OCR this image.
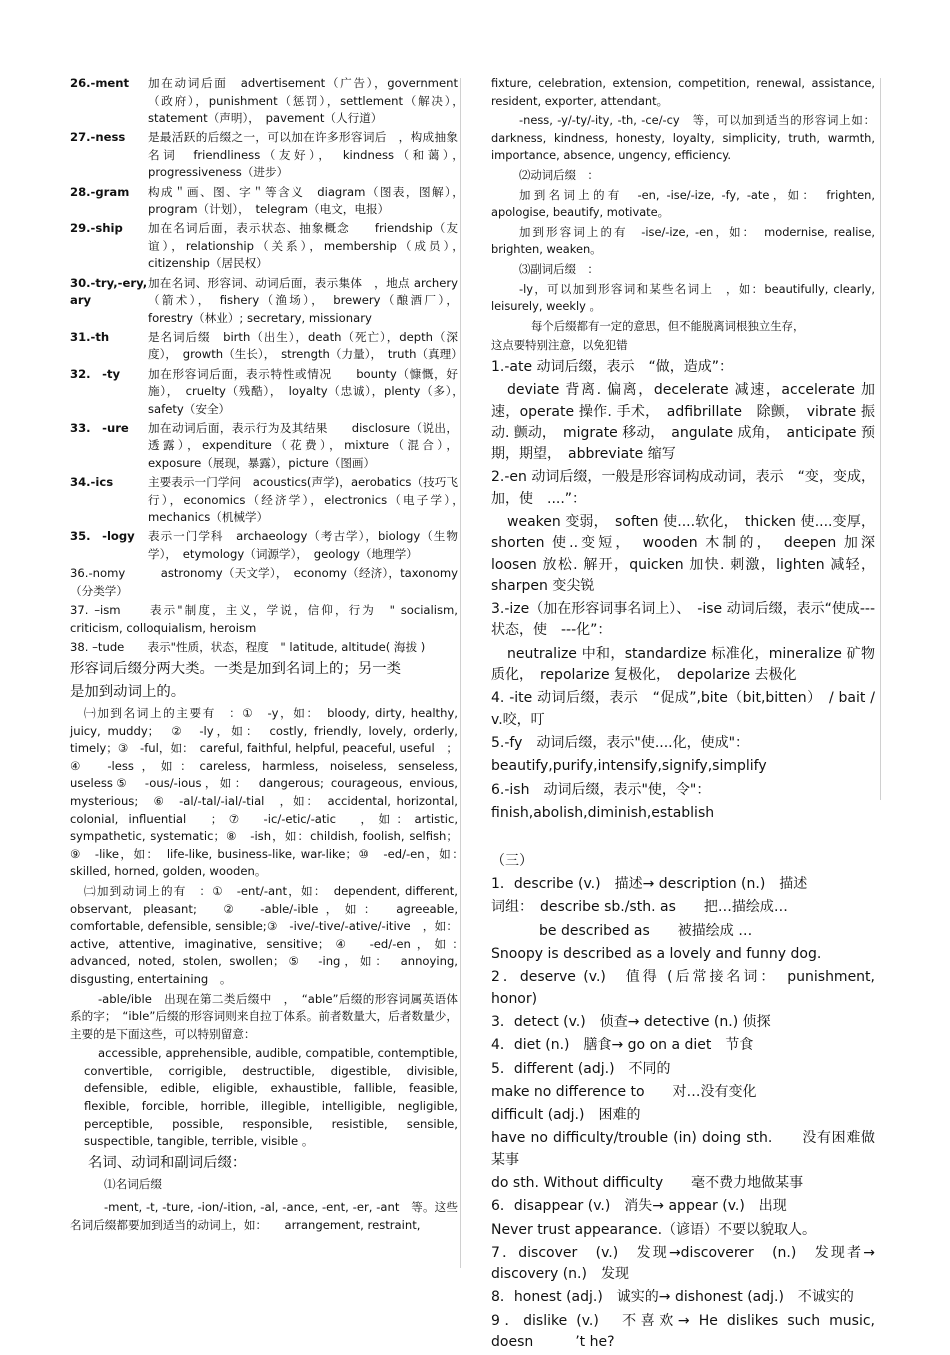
26.-ment	加在动词后面　advertisement（广告），government（政府），punishment（惩罚），settlement（解决），　statement（声明），　pavement（人行道）
27.-ness	是最活跃的后缀之一，可以加在许多形容词后　，构成抽象名词　friendliness（友好），　kindness（和蔼），　progressiveness（进步）
28.-gram	构成＂画、图、字＂等含义　diagram（图表，图解），　program（计划），　telegram（电文，电报）
29.-ship	加在名词后面，表示状态、抽象概念　　friendship（友谊），relationship（关系），membership（成员），　citizenship（居民权）
30.-try,-ery, ary
加在名词、形容词、动词后面，表示集体　，地点 archery（箭术），　fishery（渔场），　brewery（酿酒厂），forestry（林业）; secretary, missionary
31.-th	是名词后缀　birth（出生），death（死亡），depth（深度），　growth（生长），　strength（力量），　truth（真理）
32.　-ty	加在形容词后面，表示特性或情况　　bounty（慷慨，好施），　cruelty（残酷），　loyalty（忠诚），plenty（多），　safety（安全）
33.　-ure	加在动词后面，表示行为及其结果　　disclosure（说出，透露），expenditure（花费），mixture（混合），exposure（展现，暴露），picture（图画）
34.-ics	主要表示一门学问　acoustics(声学)，aerobatics（技巧飞行），economics（经济学），electronics（电子学），　mechanics（机械学）
35.　-logy	表示一门学科　archaeology（考古学），biology（生物学），　etymology（词源学），　geology（地理学）

36.-nomy　　　astronomy（天文学），　economy（经济），taxonomy（分类学）

37. –ism　　表示"制度，主义，学说，信仰，行为　" socialism, criticism, colloquialism, heroism

38. –tude　　表示"性质，状态，程度　" latitude, altitude( 海拔 )

形容词后缀分两大类。一类是加到名词上的；另一类

是加到动词上的。

㈠加到名词上的主要有　：①　-y，如：　bloody, dirty, healthy, juicy, muddy；　②　-ly，如：　costly, friendly, lovely, orderly, timely；③　-ful，如：　careful, faithful, helpful, peaceful, useful　；④　-less，如：careless, harmless, noiseless, senseless, useless⑤　-ous/-ious，如：　dangerous; courageous, envious, mysterious;　⑥　-al/-tal/-ial/-tial　，如：　accidental, horizontal, colonial, influential　；⑦　-ic/-etic/-atic　，如：artistic, sympathetic, systematic；⑧　-ish，如：childish, foolish, selfish；⑨　-like，如：　life-like, business-like, war-like；⑩　-ed/-en，如：　skilled, horned, golden, wooden。

㈡加到动词上的有　：①　-ent/-ant，如：　dependent, different, observant, pleasant;　②　-able/-ible，如：　agreeable, comfortable, defensible, sensible;③　-ive/-tive/-ative/-itive　，如：active, attentive, imaginative, sensitive；④　-ed/-en，如：　advanced, noted, stolen, swollen；⑤　-ing，如：　annoying, disgusting, entertaining　。

-able/ible　出现在第二类后缀中　，　“able”后缀的形容词属英语体系的字；　“ible”后缀的形容词则来自拉丁体系。前者数量大，后者数量少，主要的是下面这些，可以特别留意：

accessible, apprehensible, audible, compatible, contemptible, convertible, corrigible, destructible, digestible, divisible, defensible, edible, eligible, exhaustible, fallible, feasible, flexible, forcible, horrible, illegible, intelligible, negligible, perceptible, possible, responsible, resistible, sensible, suspectible, tangible, terrible, visible 。

名词、动词和副词后缀：

⑴名词后缀

-ment, -t, -ture, -ion/-ition, -al, -ance, -ent, -er, -ant　等。这些名词后缀都要加到适当的动词上，如：　　arrangement, restraint,

fixture, celebration, extension, competition, renewal, assistance, resident, exporter, attendant。

-ness, -y/-ty/-ity, -th, -ce/-cy　等，可以加到适当的形容词上如：darkness, kindness, honesty, loyalty, simplicity, truth, warmth, importance, absence, ungency, efficiency.

⑵动词后缀　：

加到名词上的有　-en, -ise/-ize, -fy, -ate，如：　frighten, apologise, beautify, motivate。

加到形容词上的有　-ise/-ize, -en，如：　modernise, realise, brighten, weaken。

⑶副词后缀　：

-ly，可以加到形容词和某些名词上　，如：beautifully, clearly, leisurely, weekly 。

每个后缀都有一定的意思，但不能脱离词根独立生存，

这点要特别注意，以免犯错

1.-ate 动词后缀，表示　“做，造成”：

deviate 背离. 偏离，decelerate 减速，accelerate 加速，operate 操作. 手术，　adfibrillate　除颤，　vibrate 振动. 颤动，　migrate 移动，　angulate 成角，　anticipate 预期，期望，　abbreviate 缩写

2.-en 动词后缀，一般是形容词构成动词，表示　“变，变成，加，使　....”：

weaken 变弱，　soften 使....软化，　thicken 使....变厚，shorten 使..变短，　wooden 木制的，　deepen 加深　loosen 放松. 解开，quicken 加快. 刺激，lighten 减轻，sharpen 变尖锐

3.-ize（加在形容词事名词上）、　-ise 动词后缀，表示“使成---状态，使　---化”：

neutralize 中和，standardize 标准化，mineralize 矿物质化，　repolarize 复极化，　depolarize 去极化

4. -ite 动词后缀，表示　“促成”,bite（bit,bitten）　/ bait /　v.咬，叮

5.-fy　动词后缀，表示"使....化，使成"：

beautify,purify,intensify,signify,simplify

6.-ish　动词后缀，表示"使，令"：

finish,abolish,diminish,establish

（三）

1．describe (v.)　描述→ description (n.)　描述

词组：　describe sb./sth. as　　把…描绘成…

be described as　　被描绘成 …

Snoopy is described as a lovely and funny dog.

2．deserve (v.)　值得 (后常接名词：　punishment, honor)

3．detect (v.)　侦查→ detective (n.) 侦探

4．diet (n.)　膳食→ go on a diet　节食

5．different (adj.)　不同的

make no difference to　　对…没有变化

difficult (adj.)　困难的

have no difficulty/trouble (in) doing sth.　　没有困难做某事

do sth. Without difficulty　　毫不费力地做某事

6．disappear (v.)　消失→ appear (v.)　出现

Never trust appearance.（谚语）不要以貌取人。

7．discover　(v.)　发现→discoverer　(n.)　发现者→ discovery (n.)　发现

8．honest (adj.)　诚实的→ dishonest (adj.)　不诚实的

9．dislike (v.)　不喜欢→ He dislikes such music, doesn　　　’t he?
